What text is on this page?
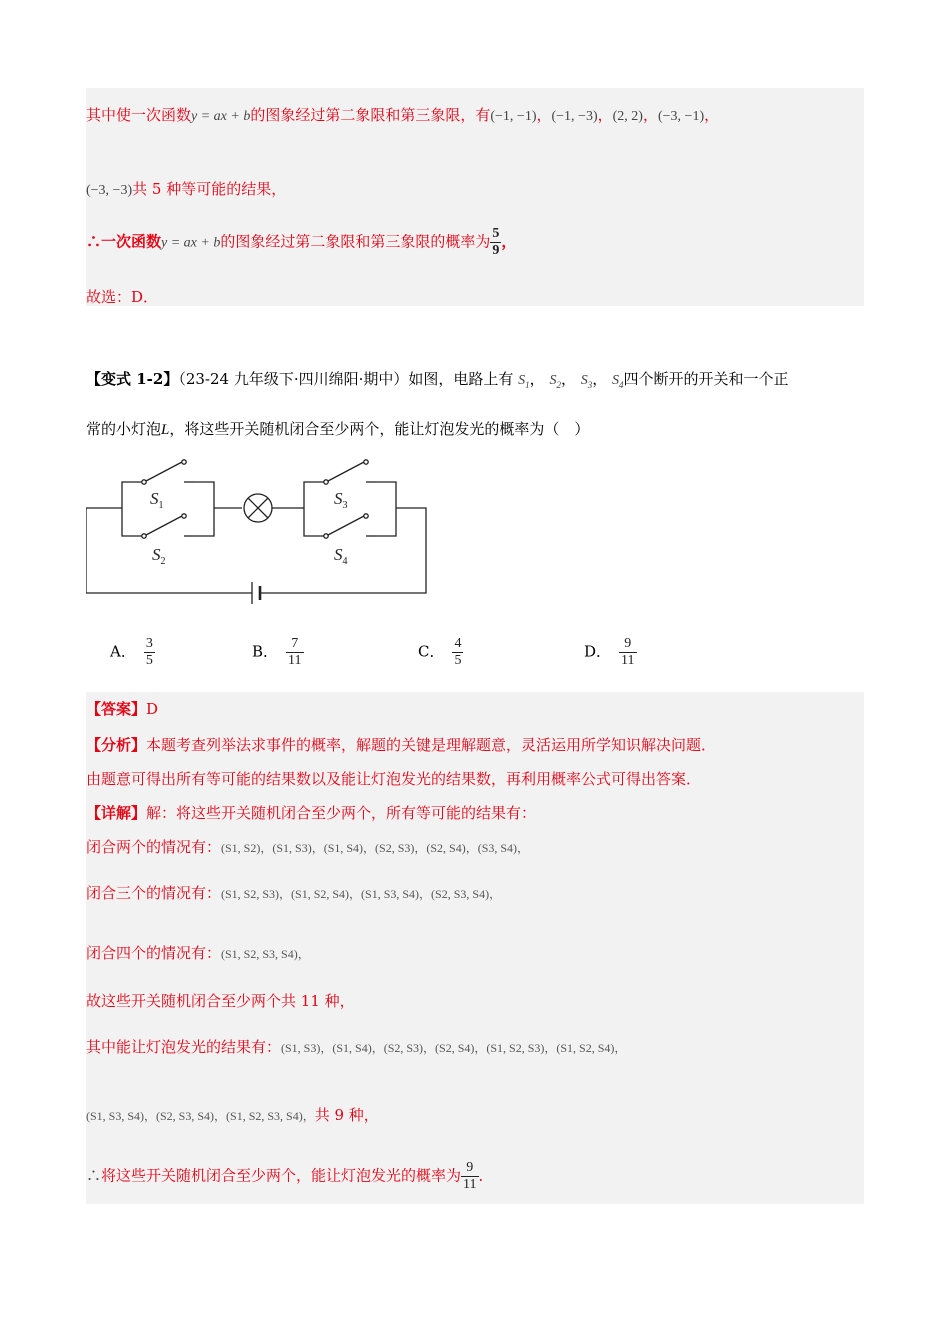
其中使一次函数y = ax + b的图象经过第二象限和第三象限，有(−1, −1)，(−1, −3)，(2, 2)，(−3, −1)，
(−3, −3)共 5 种等可能的结果，
∴一次函数y = ax + b的图象经过第二象限和第三象限的概率为 $\frac{5}{9}$ ，
故选：D．
【变式 1-2】（23-24 九年级下·四川绵阳·期中）如图，电路上有 $S_1$， $S_2$， $S_3$， $S_4$四个断开的开关和一个正
常的小灯泡L，将这些开关随机闭合至少两个，能让灯泡发光的概率为（　）
$S_1$
$S_2$
$S_3$
$S_4$
A． $\frac{3}{5}$	B． $\frac{7}{11}$	C． $\frac{4}{5}$	D． $\frac{9}{11}$
【答案】D
【分析】本题考查列举法求事件的概率，解题的关键是理解题意，灵活运用所学知识解决问题．
由题意可得出所有等可能的结果数以及能让灯泡发光的结果数，再利用概率公式可得出答案．
【详解】解：将这些开关随机闭合至少两个，所有等可能的结果有：
闭合两个的情况有：(S1, S2)，(S1, S3)，(S1, S4)，(S2, S3)，(S2, S4)，(S3, S4)，
闭合三个的情况有：(S1, S2, S3)，(S1, S2, S4)，(S1, S3, S4)，(S2, S3, S4)，
闭合四个的情况有：(S1, S2, S3, S4)，
故这些开关随机闭合至少两个共 11 种，
其中能让灯泡发光的结果有：(S1, S3)，(S1, S4)，(S2, S3)，(S2, S4)，(S1, S2, S3)，(S1, S2, S4)，
(S1, S3, S4)，(S2, S3, S4)，(S1, S2, S3, S4)，共 9 种，
∴将这些开关随机闭合至少两个，能让灯泡发光的概率为 $\frac{9}{11}$ ．
